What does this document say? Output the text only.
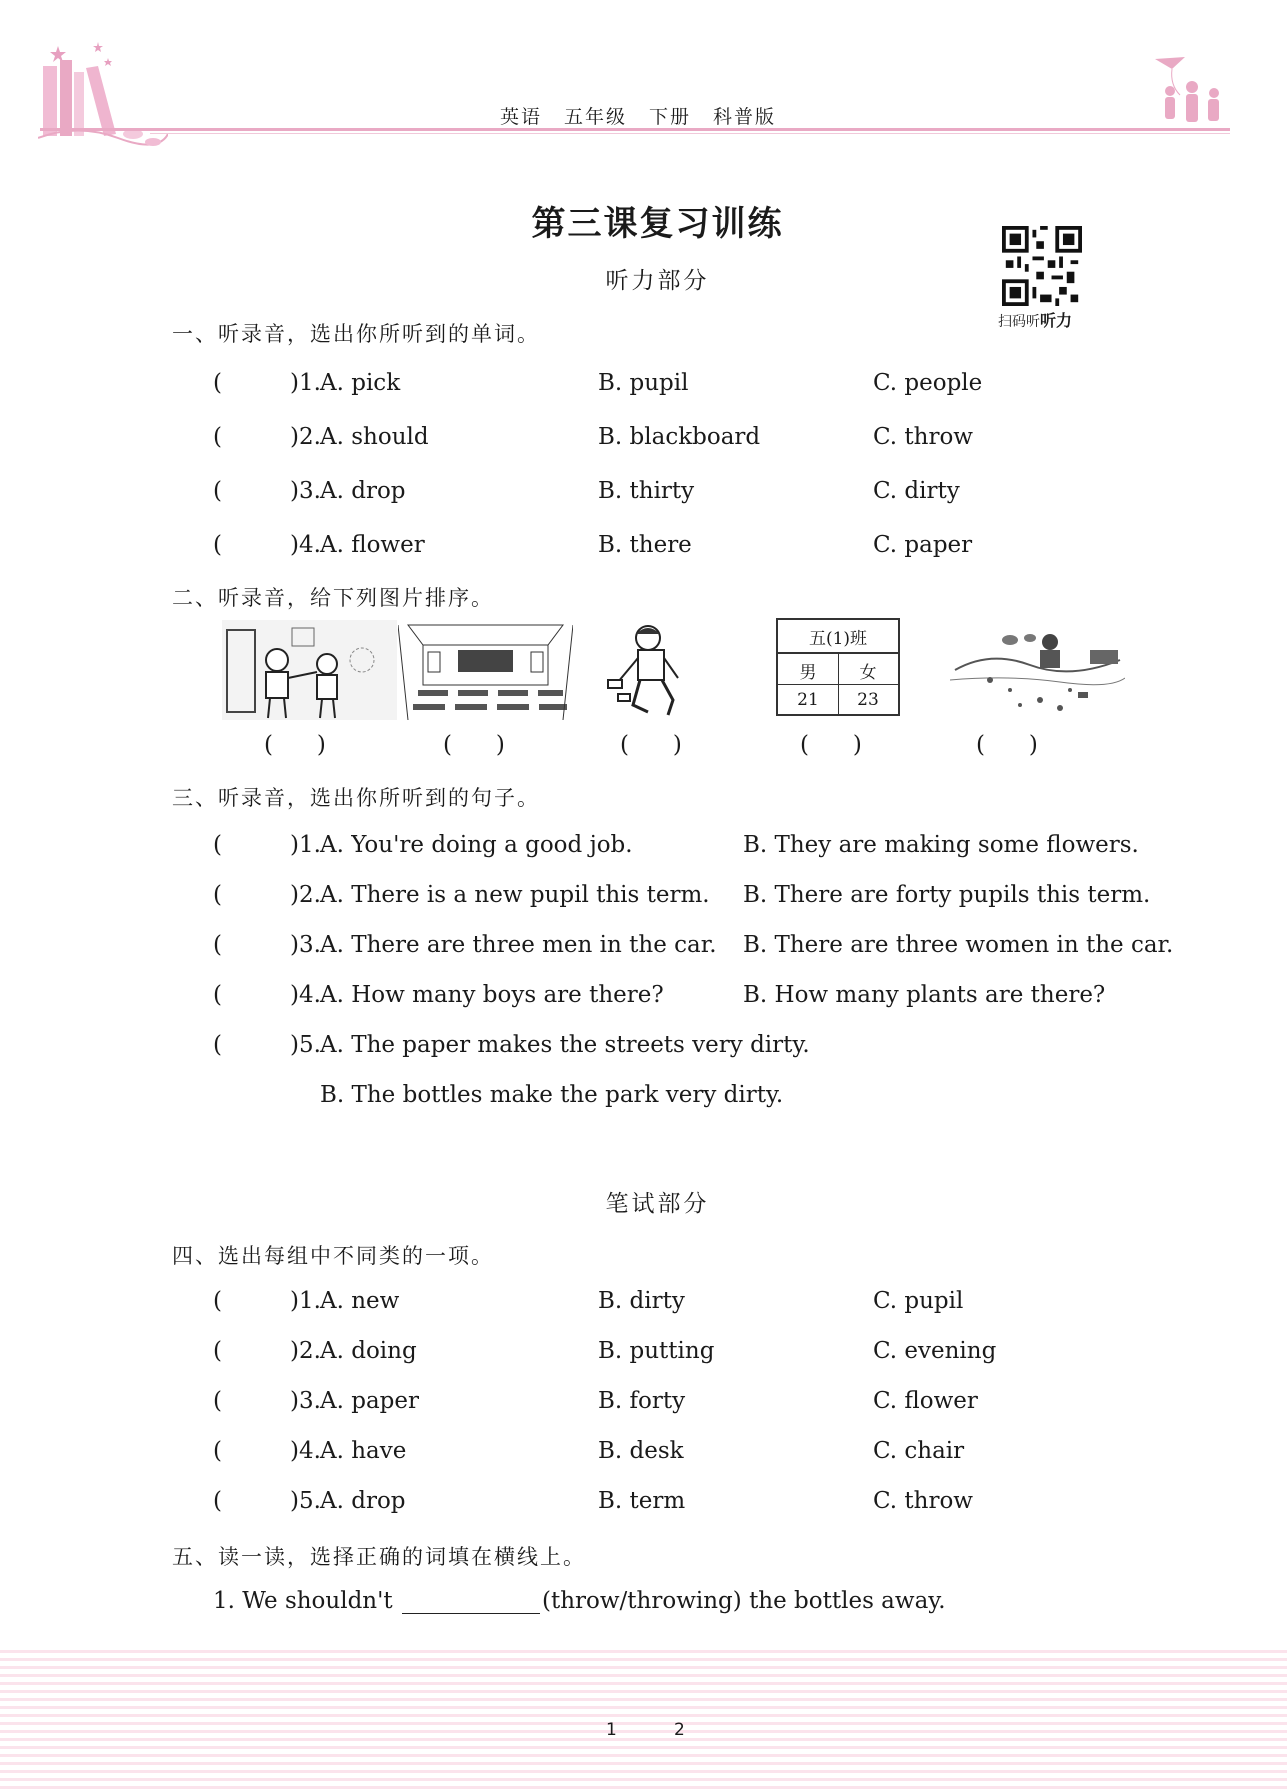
英语 五年级 下册 科普版
第三课复习训练
扫码听听力
听力部分
一、听录音，选出你所听到的单词。
(	)1. A. pick	B. pupil	C. people
(	)2. A. should	B. blackboard	C. throw
(	)3. A. drop	B. thirty	C. dirty
(	)4. A. flower	B. there	C. paper
二、听录音，给下列图片排序。
五(1)班
男	女
21	23
(      )	(      )	(      )	(      )	(      )
三、听录音，选出你所听到的句子。
(	)1. A. You're doing a good job.	B. They are making some flowers.
(	)2. A. There is a new pupil this term. B. There are forty pupils this term.
(	)3. A. There are three men in the car. B. There are three women in the car.
(	)4. A. How many boys are there?	B. How many plants are there?
(	)5. A. The paper makes the streets very dirty.
B. The bottles make the park very dirty.
笔试部分
四、选出每组中不同类的一项。
(	)1. A. new	B. dirty	C. pupil
(	)2. A. doing	B. putting	C. evening
(	)3. A. paper	B. forty	C. flower
(	)4. A. have	B. desk	C. chair
(	)5. A. drop	B. term	C. throw
五、读一读，选择正确的词填在横线上。
1. We shouldn't	(throw/throwing) the bottles away.
1	2
